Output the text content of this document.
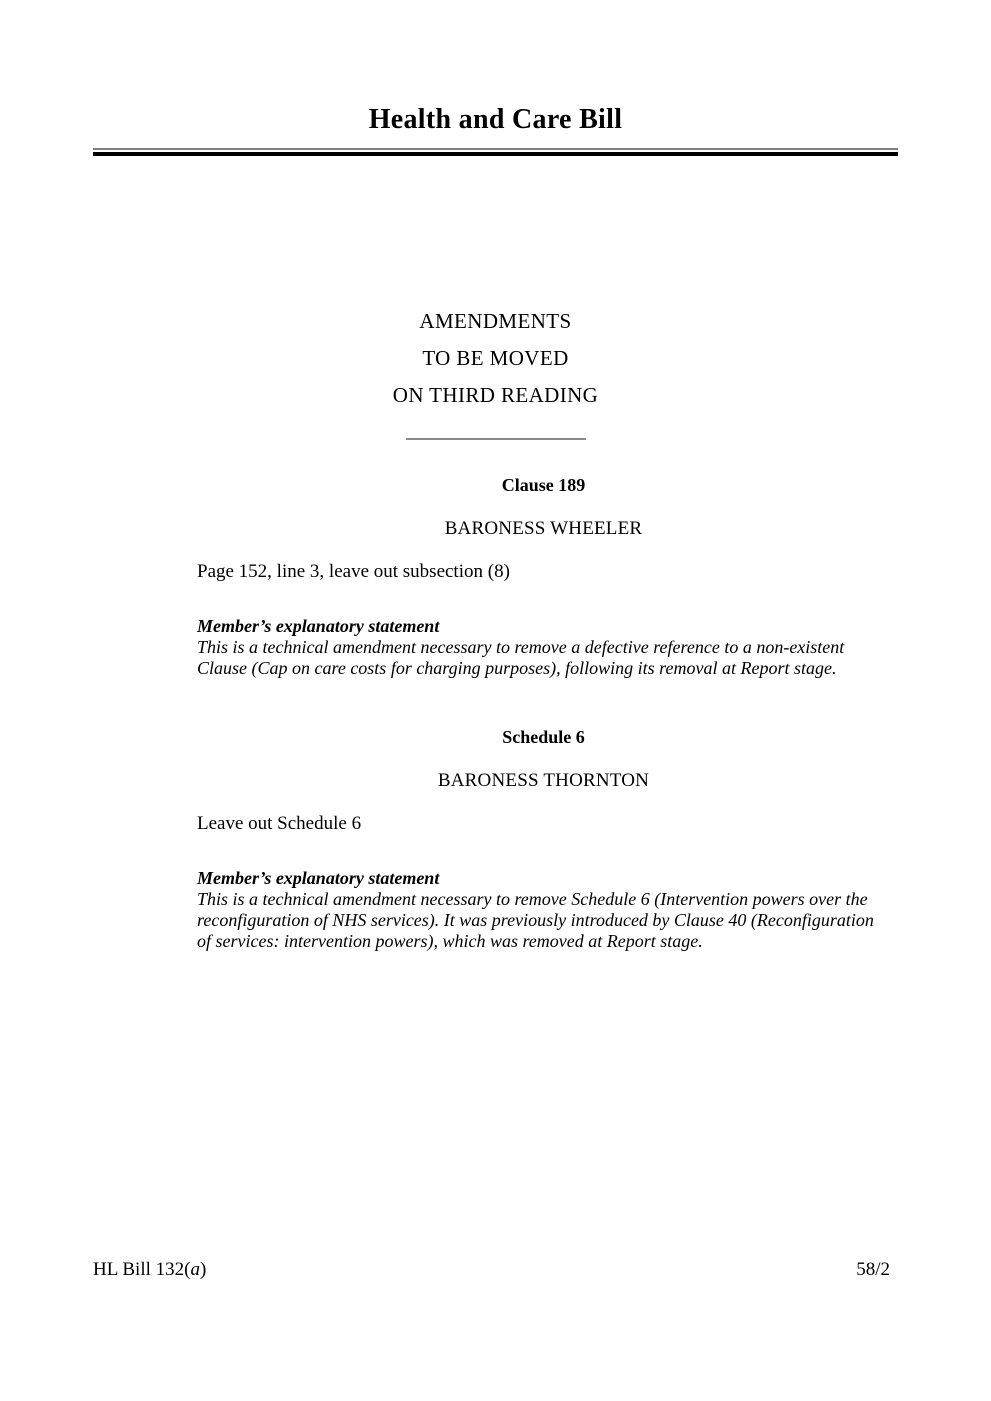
Health and Care Bill
AMENDMENTS
TO BE MOVED
ON THIRD READING
Clause 189
BARONESS WHEELER

Page 152, line 3, leave out subsection (8)

Member’s explanatory statement

This is a technical amendment necessary to remove a defective reference to a non-existent Clause (Cap on care costs for charging purposes), following its removal at Report stage.

Schedule 6
BARONESS THORNTON

Leave out Schedule 6

Member’s explanatory statement

This is a technical amendment necessary to remove Schedule 6 (Intervention powers over the reconfiguration of NHS services). It was previously introduced by Clause 40 (Reconfiguration of services: intervention powers), which was removed at Report stage.

HL Bill 132(a)	58/2
